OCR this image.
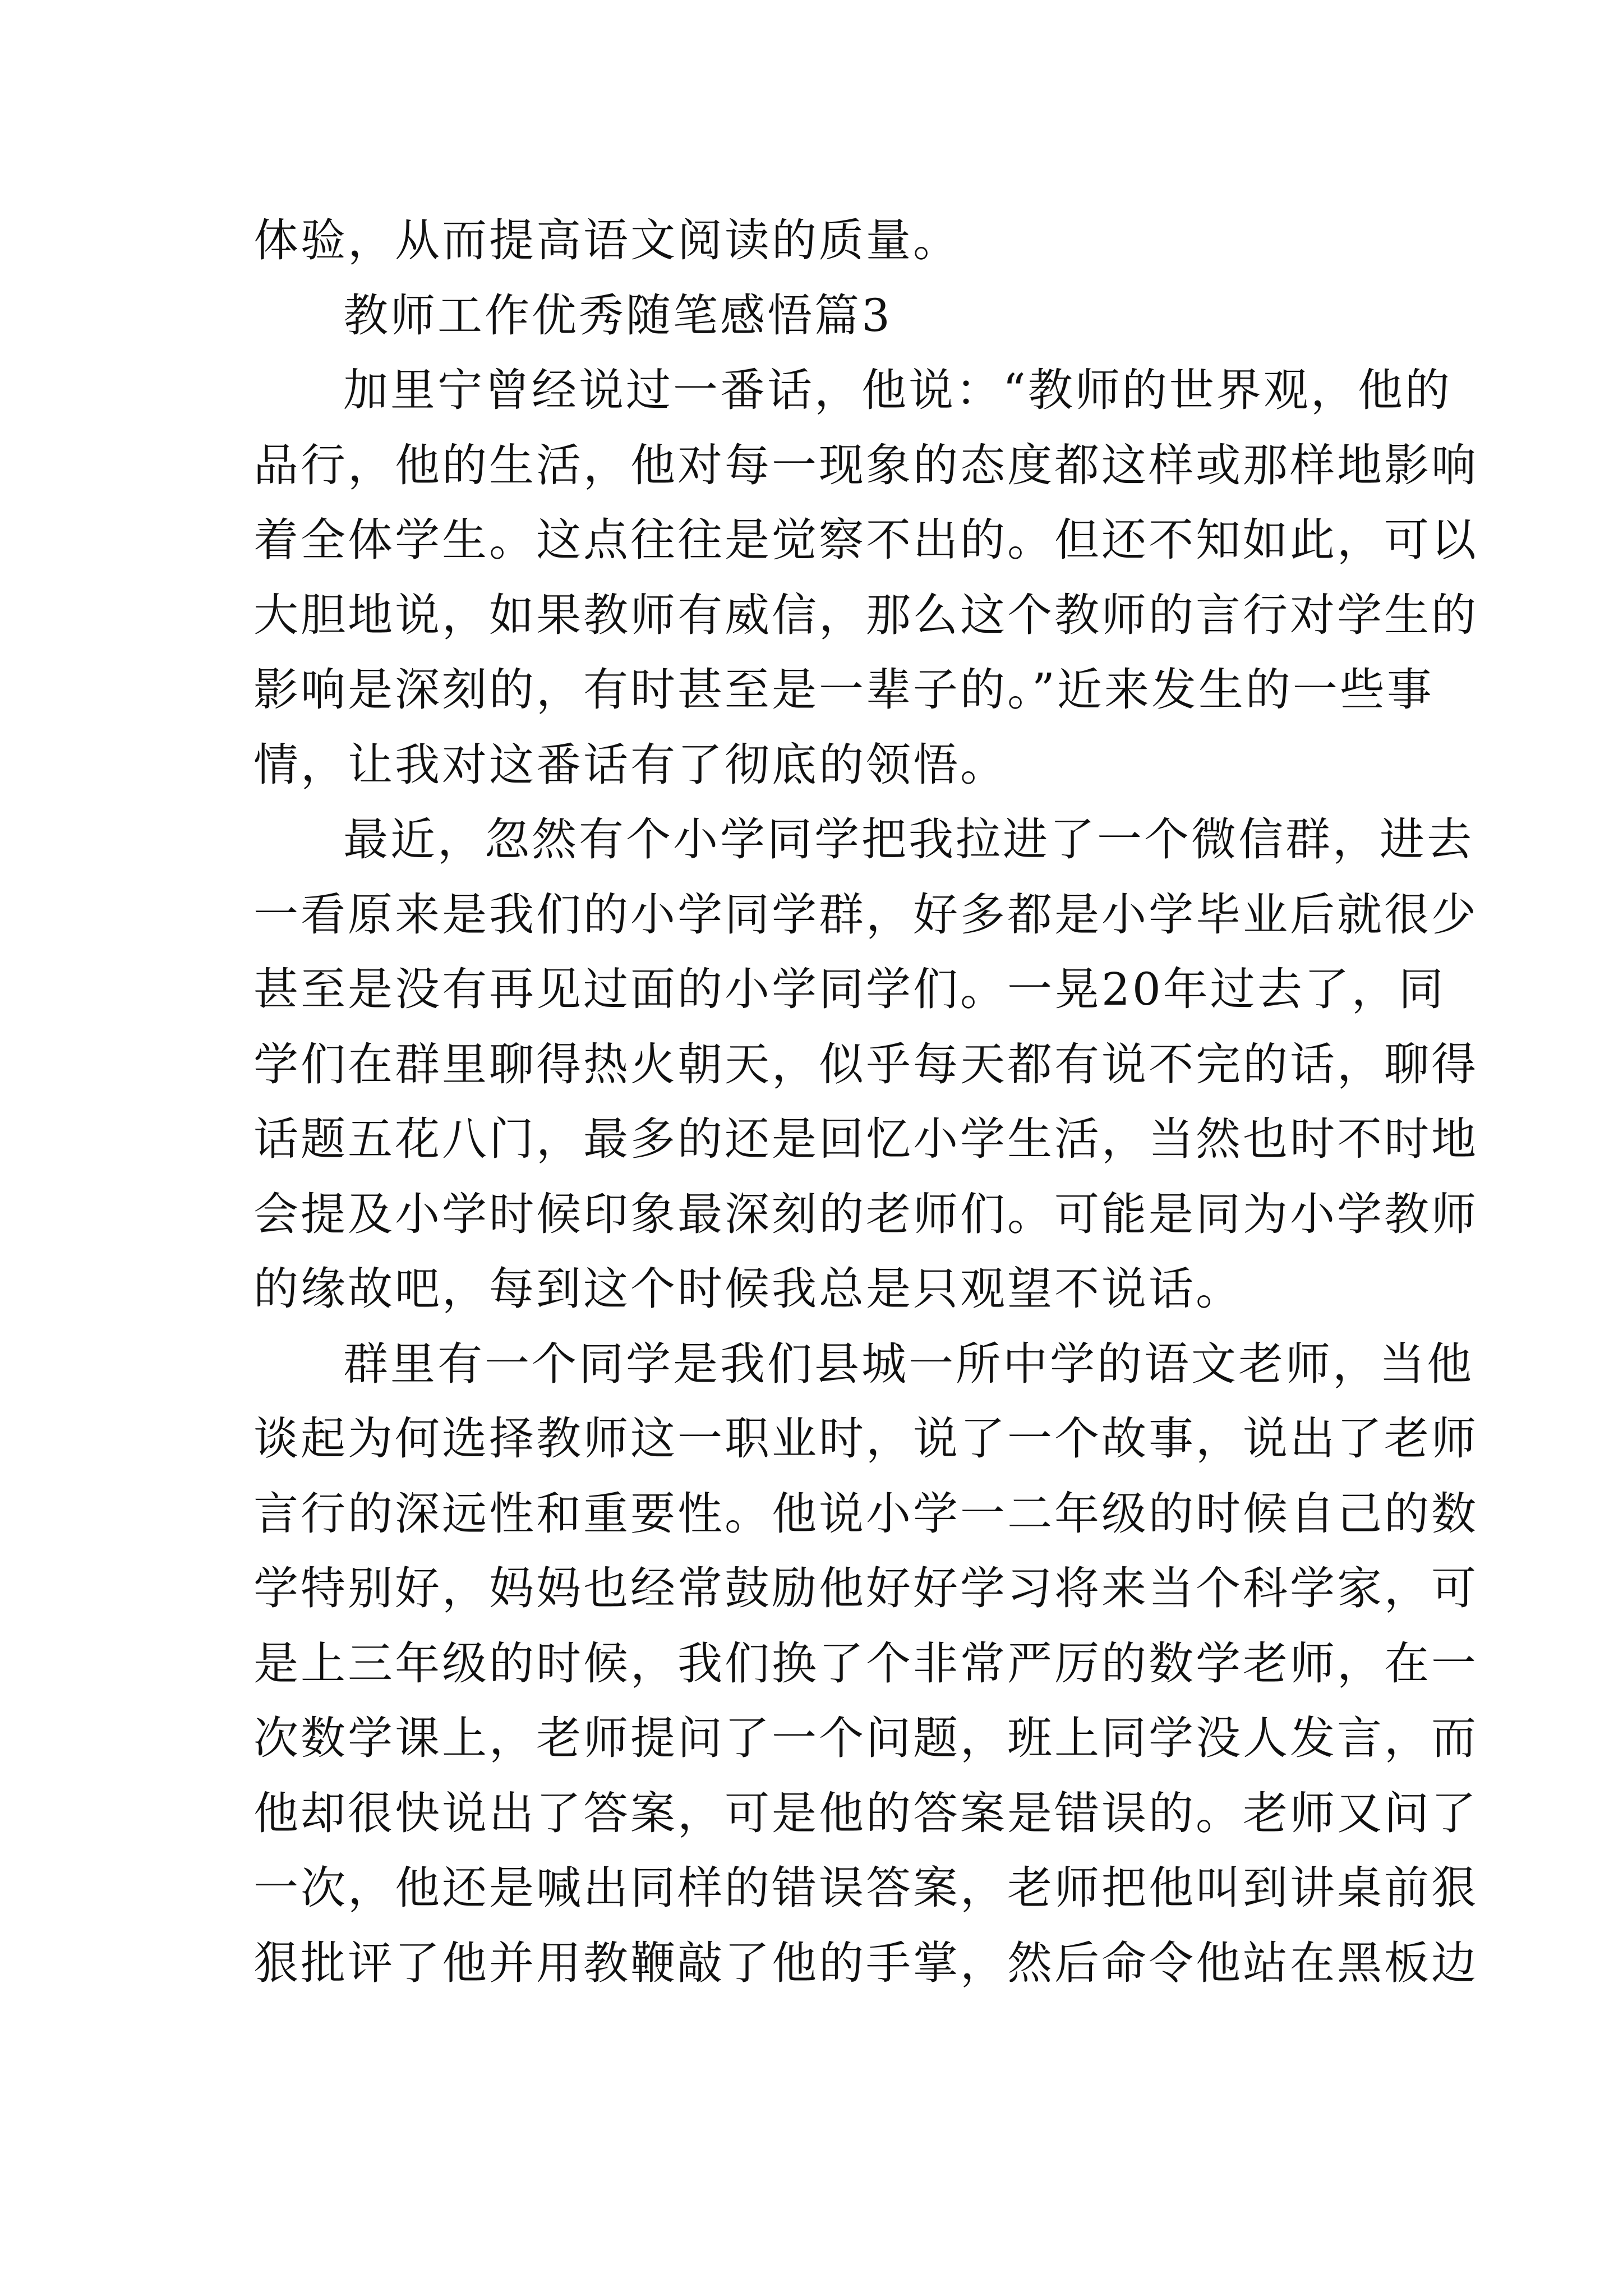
体验，从而提高语文阅读的质量。
教师工作优秀随笔感悟篇3
加里宁曾经说过一番话，他说：“教师的世界观，他的
品行，他的生活，他对每一现象的态度都这样或那样地影响
着全体学生。这点往往是觉察不出的。但还不知如此，可以
大胆地说，如果教师有威信，那么这个教师的言行对学生的
影响是深刻的，有时甚至是一辈子的。”近来发生的一些事
情，让我对这番话有了彻底的领悟。
最近，忽然有个小学同学把我拉进了一个微信群，进去
一看原来是我们的小学同学群，好多都是小学毕业后就很少
甚至是没有再见过面的小学同学们。一晃20年过去了，同
学们在群里聊得热火朝天，似乎每天都有说不完的话，聊得
话题五花八门，最多的还是回忆小学生活，当然也时不时地
会提及小学时候印象最深刻的老师们。可能是同为小学教师
的缘故吧，每到这个时候我总是只观望不说话。
群里有一个同学是我们县城一所中学的语文老师，当他
谈起为何选择教师这一职业时，说了一个故事，说出了老师
言行的深远性和重要性。他说小学一二年级的时候自己的数
学特别好，妈妈也经常鼓励他好好学习将来当个科学家，可
是上三年级的时候，我们换了个非常严厉的数学老师，在一
次数学课上，老师提问了一个问题，班上同学没人发言，而
他却很快说出了答案，可是他的答案是错误的。老师又问了
一次，他还是喊出同样的错误答案，老师把他叫到讲桌前狠
狠批评了他并用教鞭敲了他的手掌，然后命令他站在黑板边
